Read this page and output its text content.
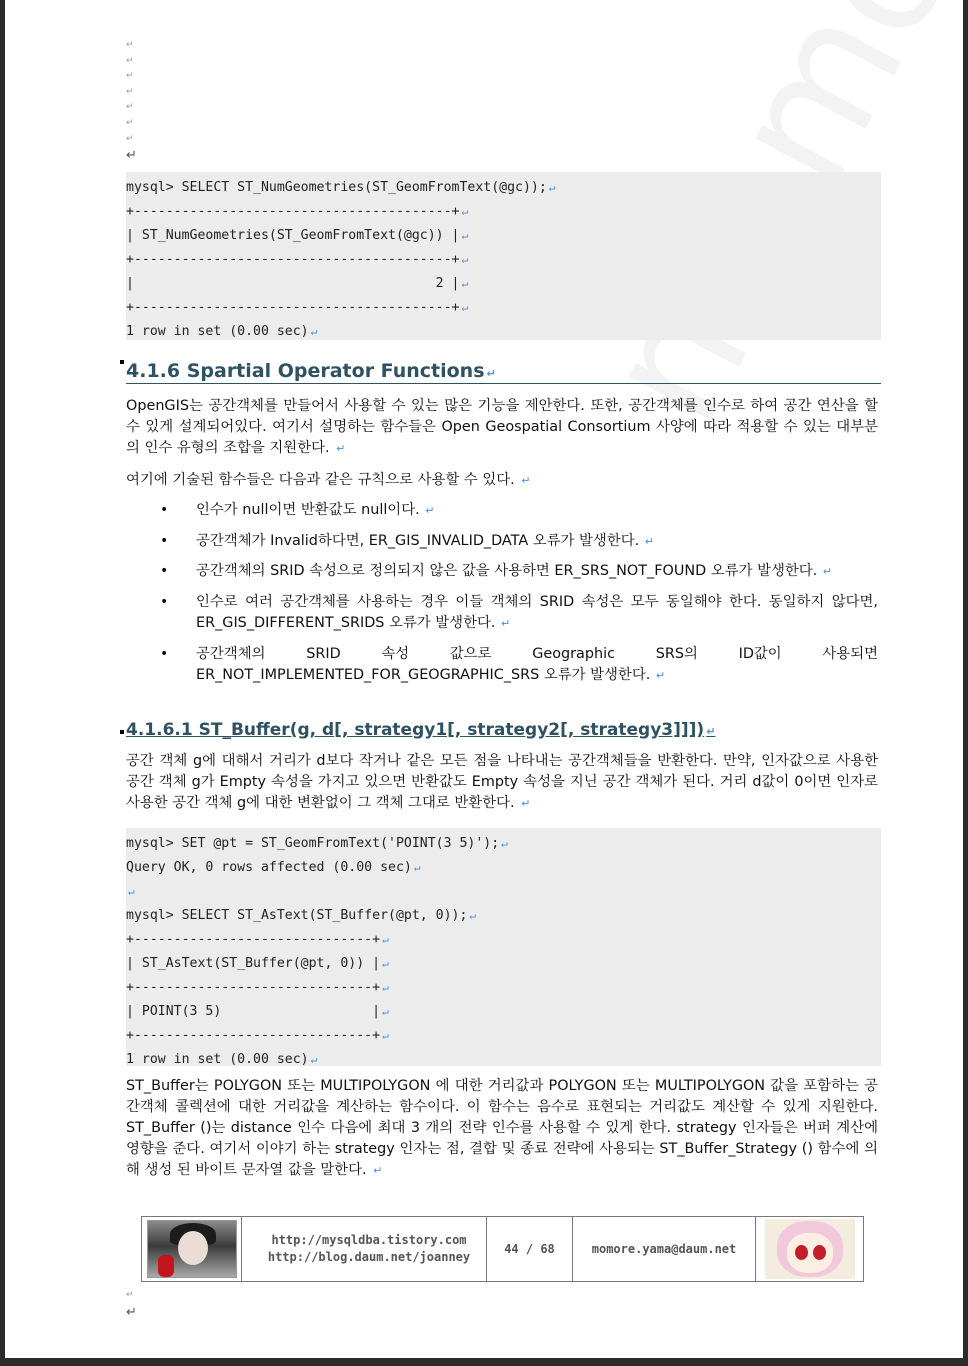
↵
↵
↵
↵
↵
↵
↵
↵
mysql> SELECT ST_NumGeometries(ST_GeomFromText(@gc)); ↵
+----------------------------------------+ ↵
| ST_NumGeometries(ST_GeomFromText(@gc)) | ↵
+----------------------------------------+ ↵
|                                      2 | ↵
+----------------------------------------+ ↵
1 row in set (0.00 sec) ↵
4.1.6 Spartial Operator Functions ↵
OpenGIS는 공간객체를 만들어서 사용할 수 있는 많은 기능을 제안한다. 또한, 공간객체를 인수로 하여 공간 연산을 할 수 있게 설계되어있다. 여기서 설명하는 함수들은 Open Geospatial Consortium 사양에 따라 적용할 수 있는 대부분의 인수 유형의 조합을 지원한다. ↵
여기에 기술된 함수들은 다음과 같은 규칙으로 사용할 수 있다. ↵
• 인수가 null이면 반환값도 null이다. ↵
• 공간객체가 Invalid하다면, ER_GIS_INVALID_DATA 오류가 발생한다. ↵
• 공간객체의 SRID 속성으로 정의되지 않은 값을 사용하면 ER_SRS_NOT_FOUND 오류가 발생한다. ↵
• 인수로 여러 공간객체를 사용하는 경우 이들 객체의 SRID 속성은 모두 동일해야 한다. 동일하지 않다면, ER_GIS_DIFFERENT_SRIDS 오류가 발생한다. ↵
• 공간객체의 SRID 속성 값으로 Geographic SRS의 ID값이 사용되면 ER_NOT_IMPLEMENTED_FOR_GEOGRAPHIC_SRS 오류가 발생한다. ↵
4.1.6.1 ST_Buffer(g, d[, strategy1[, strategy2[, strategy3]]]) ↵
공간 객체 g에 대해서 거리가 d보다 작거나 같은 모든 점을 나타내는 공간객체들을 반환한다. 만약, 인자값으로 사용한 공간 객체 g가 Empty 속성을 가지고 있으면 반환값도 Empty 속성을 지닌 공간 객체가 된다. 거리 d값이 0이면 인자로 사용한 공간 객체 g에 대한 변환없이 그 객체 그대로 반환한다. ↵
mysql> SET @pt = ST_GeomFromText('POINT(3 5)'); ↵
Query OK, 0 rows affected (0.00 sec) ↵
↵
mysql> SELECT ST_AsText(ST_Buffer(@pt, 0)); ↵
+------------------------------+ ↵
| ST_AsText(ST_Buffer(@pt, 0)) | ↵
+------------------------------+ ↵
| POINT(3 5)                   | ↵
+------------------------------+ ↵
1 row in set (0.00 sec) ↵
ST_Buffer는 POLYGON 또는 MULTIPOLYGON 에 대한 거리값과 POLYGON 또는 MULTIPOLYGON 값을 포함하는 공간객체 콜렉션에 대한 거리값을 계산하는 함수이다. 이 함수는 음수로 표현되는 거리값도 계산할 수 있게 지원한다. ST_Buffer ()는 distance 인수 다음에 최대 3 개의 전략 인수를 사용할 수 있게 한다. strategy 인자들은 버퍼 계산에 영향을 준다. 여기서 이야기 하는 strategy 인자는 점, 결합 및 종료 전략에 사용되는 ST_Buffer_Strategy () 함수에 의해 생성 된 바이트 문자열 값을 말한다. ↵
http://mysqldba.tistory.com
http://blog.daum.net/joanney
44 / 68	momore.yama@daum.net
↵
↵
